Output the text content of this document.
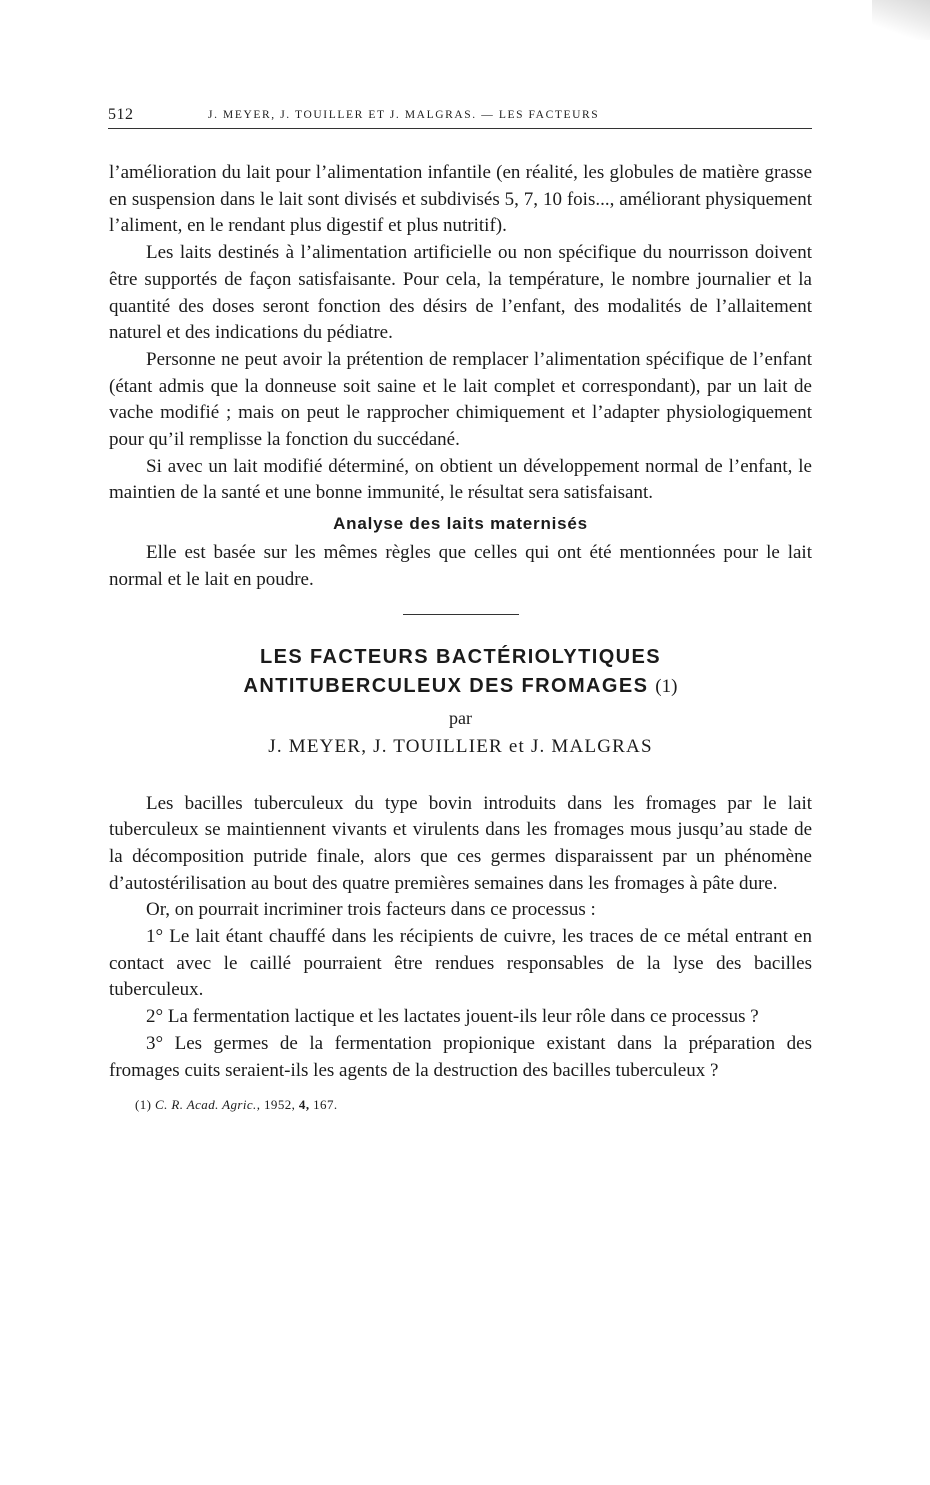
512	J. MEYER, J. TOUILLER ET J. MALGRAS. — LES FACTEURS

l’amélioration du lait pour l’alimentation infantile (en réalité, les globules de matière grasse en suspension dans le lait sont divisés et subdivisés 5, 7, 10 fois..., améliorant physiquement l’aliment, en le rendant plus digestif et plus nutritif).

Les laits destinés à l’alimentation artificielle ou non spécifique du nourrisson doivent être supportés de façon satisfaisante. Pour cela, la température, le nombre journalier et la quantité des doses seront fonction des désirs de l’enfant, des modalités de l’allaitement naturel et des indications du pédiatre.

Personne ne peut avoir la prétention de remplacer l’alimentation spécifique de l’enfant (étant admis que la donneuse soit saine et le lait complet et correspondant), par un lait de vache modifié ; mais on peut le rapprocher chimiquement et l’adapter physiologiquement pour qu’il remplisse la fonction du succédané.

Si avec un lait modifié déterminé, on obtient un développement normal de l’enfant, le maintien de la santé et une bonne immunité, le résultat sera satisfaisant.

Analyse des laits maternisés

Elle est basée sur les mêmes règles que celles qui ont été mentionnées pour le lait normal et le lait en poudre.

LES FACTEURS BACTÉRIOLYTIQUES
ANTITUBERCULEUX DES FROMAGES (1)
par
J. MEYER, J. TOUILLIER et J. MALGRAS

Les bacilles tuberculeux du type bovin introduits dans les fromages par le lait tuberculeux se maintiennent vivants et virulents dans les fromages mous jusqu’au stade de la décomposition putride finale, alors que ces germes disparaissent par un phénomène d’autostérilisation au bout des quatre premières semaines dans les fromages à pâte dure.

Or, on pourrait incriminer trois facteurs dans ce processus :

1° Le lait étant chauffé dans les récipients de cuivre, les traces de ce métal entrant en contact avec le caillé pourraient être rendues responsables de la lyse des bacilles tuberculeux.

2° La fermentation lactique et les lactates jouent-ils leur rôle dans ce processus ?

3° Les germes de la fermentation propionique existant dans la préparation des fromages cuits seraient-ils les agents de la destruction des bacilles tuberculeux ?

(1) C. R. Acad. Agric., 1952, 4, 167.
